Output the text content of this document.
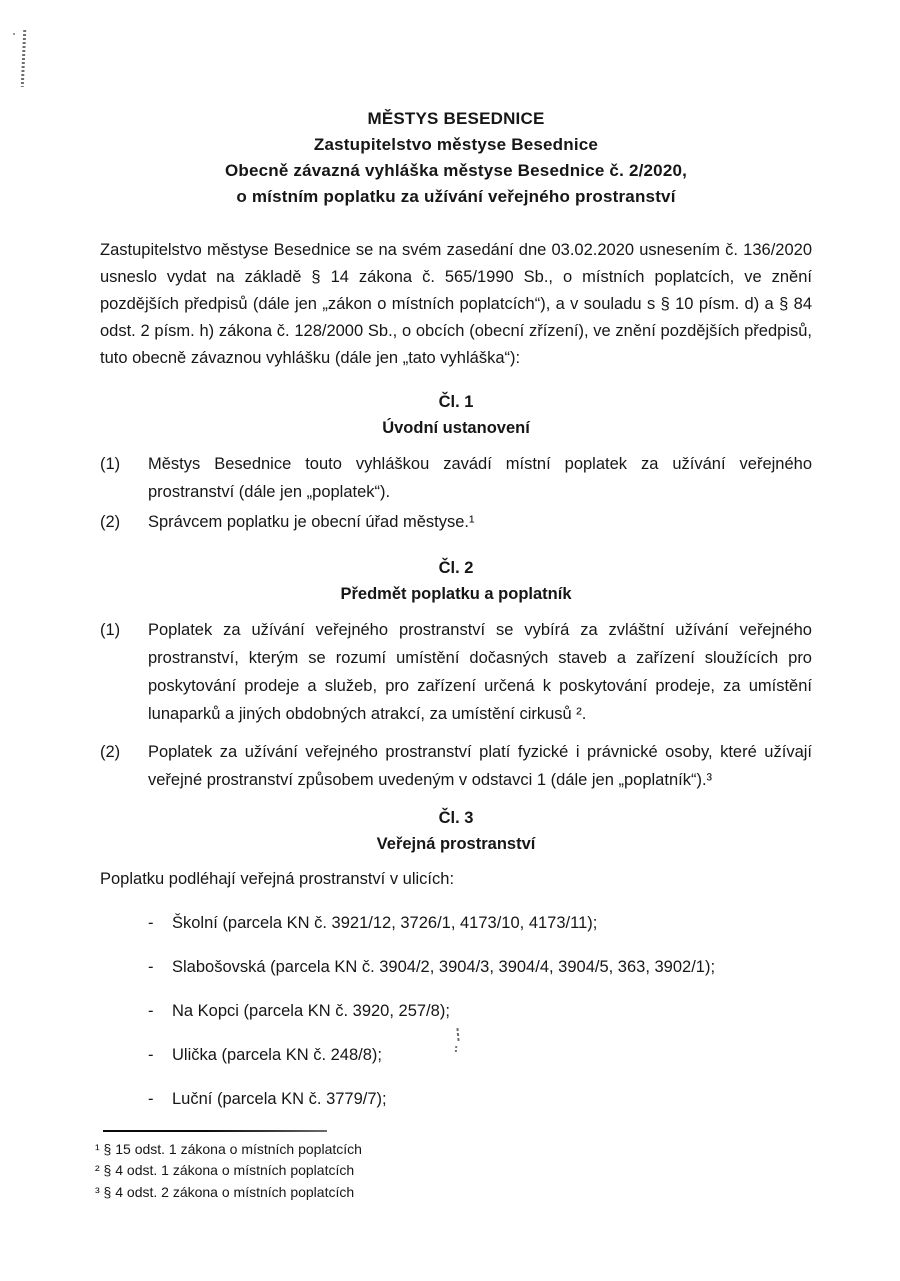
MĚSTYS BESEDNICE
Zastupitelstvo městyse Besednice
Obecně závazná vyhláška městyse Besednice č. 2/2020,
o místním poplatku za užívání veřejného prostranství

Zastupitelstvo městyse Besednice se na svém zasedání dne 03.02.2020 usnesením č. 136/2020 usneslo vydat na základě § 14 zákona č. 565/1990 Sb., o místních poplatcích, ve znění pozdějších předpisů (dále jen „zákon o místních poplatcích“), a v souladu s § 10 písm. d) a § 84 odst. 2 písm. h) zákona č. 128/2000 Sb., o obcích (obecní zřízení), ve znění pozdějších předpisů, tuto obecně závaznou vyhlášku (dále jen „tato vyhláška“):

Čl. 1
Úvodní ustanovení
(1)	Městys Besednice touto vyhláškou zavádí místní poplatek za užívání veřejného prostranství (dále jen „poplatek“).
(2)	Správcem poplatku je obecní úřad městyse.¹
Čl. 2
Předmět poplatku a poplatník
(1)	Poplatek za užívání veřejného prostranství se vybírá za zvláštní užívání veřejného prostranství, kterým se rozumí umístění dočasných staveb a zařízení sloužících pro poskytování prodeje a služeb, pro zařízení určená k poskytování prodeje, za umístění lunaparků a jiných obdobných atrakcí, za umístění cirkusů ².
(2)	Poplatek za užívání veřejného prostranství platí fyzické i právnické osoby, které užívají veřejné prostranství způsobem uvedeným v odstavci 1 (dále jen „poplatník“).³
Čl. 3
Veřejná prostranství

Poplatku podléhají veřejná prostranství v ulicích:

-	Školní (parcela KN č. 3921/12, 3726/1, 4173/10, 4173/11);
-	Slabošovská (parcela KN č. 3904/2, 3904/3, 3904/4, 3904/5, 363, 3902/1);
-	Na Kopci (parcela KN č. 3920, 257/8);
-	Ulička (parcela KN č. 248/8);
-	Luční (parcela KN č. 3779/7);
¹ § 15 odst. 1 zákona o místních poplatcích
² § 4 odst. 1 zákona o místních poplatcích
³ § 4 odst. 2 zákona o místních poplatcích
